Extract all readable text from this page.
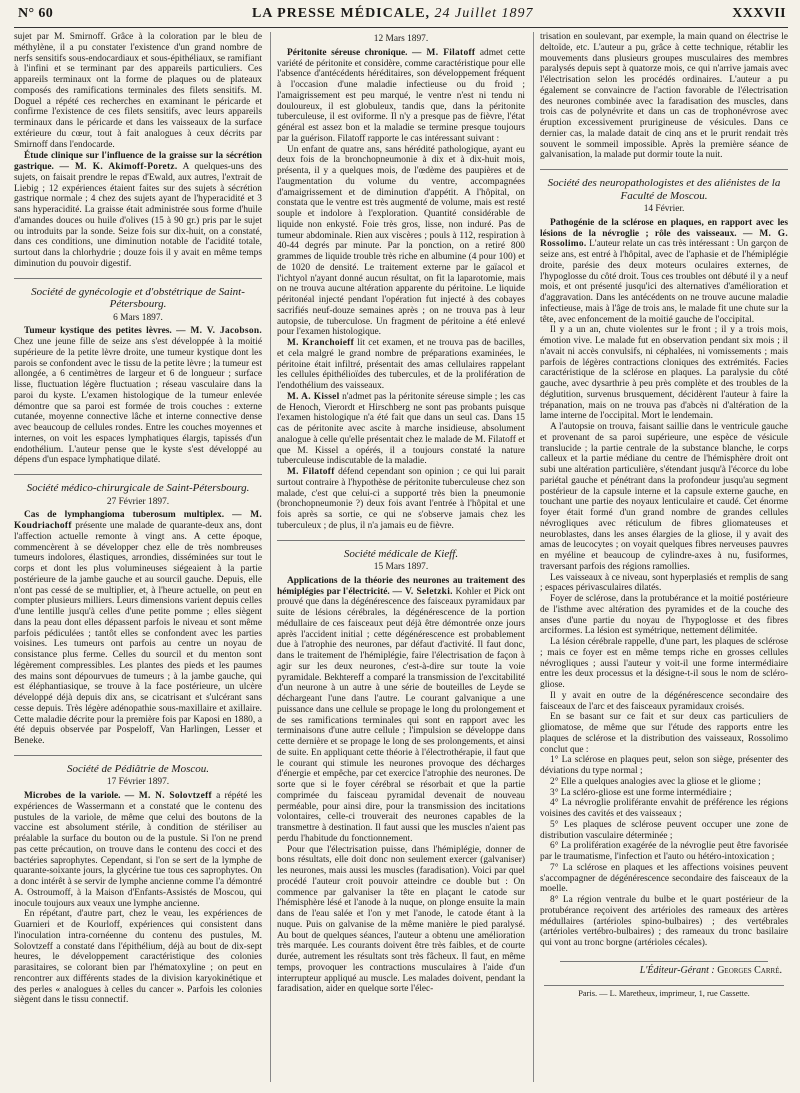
N° 60	LA PRESSE MÉDICALE, 24 Juillet 1897	XXXVII

sujet par M. Smirnoff. Grâce à la coloration par le bleu de méthylène, il a pu constater l'existence d'un grand nombre de nerfs sensitifs sous-endocardiaux et sous-épithéliaux, se ramifiant à l'infini et se terminant par des appareils particuliers. Ces appareils terminaux ont la forme de plaques ou de plateaux composés des ramifications terminales des filets sensitifs. M. Doguel a répété ces recherches en examinant le péricarde et confirme l'existence de ces filets sensitifs, avec leurs appareils terminaux dans le péricarde et dans les vaisseaux de la surface extérieure du cœur, tout à fait analogues à ceux décrits par Smirnoff dans l'endocarde.

Étude clinique sur l'influence de la graisse sur la sécrétion gastrique. — M. K. Akimoff-Poretz. A quelques-uns des sujets, on faisait prendre le repas d'Ewald, aux autres, l'extrait de Liebig ; 12 expériences étaient faites sur des sujets à sécrétion gastrique normale ; 4 chez des sujets ayant de l'hyperacidité et 3 sans hyperacidité. La graisse était administrée sous forme d'huile d'amandes douces ou huile d'olives (15 à 90 gr.) pris par le sujet ou introduits par la sonde. Seize fois sur dix-huit, on a constaté, dans ces conditions, une diminution notable de l'acidité totale, surtout dans la chlorhydrie ; douze fois il y avait en même temps diminution du pouvoir digestif.

Société de gynécologie et d'obstétrique de Saint-Pétersbourg.
6 Mars 1897.

Tumeur kystique des petites lèvres. — M. V. Jacobson. Chez une jeune fille de seize ans s'est développée à la moitié supérieure de la petite lèvre droite, une tumeur kystique dont les parois se confondent avec le tissu de la petite lèvre ; la tumeur est allongée, a 6 centimètres de largeur et 6 de longueur ; surface lisse, fluctuation légère fluctuation ; réseau vasculaire dans la paroi du kyste. L'examen histologique de la tumeur enlevée démontre que sa paroi est formée de trois couches : externe cutanée, moyenne connective lâche et interne connective dense avec beaucoup de cellules rondes. Entre les couches moyennes et internes, on voit les espaces lymphatiques élargis, tapissés d'un endothélium. L'auteur pense que le kyste s'est développé au dépens d'un espace lymphatique dilaté.

Société médico-chirurgicale de Saint-Pétersbourg.
27 Février 1897.

Cas de lymphangioma tuberosum multiplex. — M. Koudriachoff présente une malade de quarante-deux ans, dont l'affection actuelle remonte à vingt ans. A cette époque, commencèrent à se développer chez elle de très nombreuses tumeurs indolores, élastiques, arrondies, disséminées sur tout le corps et dont les plus volumineuses siégeaient à la partie postérieure de la jambe gauche et au sourcil gauche. Depuis, elle n'ont pas cessé de se multiplier, et, à l'heure actuelle, on peut en compter plusieurs milliers. Leurs dimensions varient depuis celles d'une lentille jusqu'à celles d'une petite pomme ; elles siègent dans la peau dont elles dépassent parfois le niveau et sont même parfois pédiculées ; tantôt elles se confondent avec les parties voisines. Les tumeurs ont parfois au centre un noyau de consistance plus ferme. Celles du sourcil et du menton sont légèrement compressibles. Les plantes des pieds et les paumes des mains sont dépourvues de tumeurs ; à la jambe gauche, qui est éléphantiasique, se trouve à la face postérieure, un ulcère développé déjà depuis dix ans, se cicatrisant et s'ulcérant sans cesse depuis. Très légère adénopathie sous-maxillaire et axillaire. Cette maladie décrite pour la première fois par Kaposi en 1880, a été depuis observée par Pospeloff, Van Harlingen, Lesser et Beneke.

Société de Pédiâtrie de Moscou.
17 Février 1897.

Microbes de la variole. — M. N. Solovtzeff a répété les expériences de Wassermann et a constaté que le contenu des pustules de la variole, de même que celui des boutons de la vaccine est absolument stérile, à condition de stériliser au préalable la surface du bouton ou de la pustule. Si l'on ne prend pas cette précaution, on trouve dans le contenu des cocci et des bactéries saprophytes. Cependant, si l'on se sert de la lymphe de quarante-soixante jours, la glycérine tue tous ces saprophytes. On a donc intérêt à se servir de lymphe ancienne comme l'a démontré A. Ostroumoff, à la Maison d'Enfants-Assistés de Moscou, qui inocule toujours aux veaux une lymphe ancienne.

En répétant, d'autre part, chez le veau, les expériences de Guarnieri et de Kourloff, expériences qui consistent dans l'inoculation intra-cornéenne du contenu des pustules, M. Solovtzeff a constaté dans l'épithélium, déjà au bout de dix-sept heures, le développement caractéristique des colonies parasitaires, se colorant bien par l'hématoxyline ; on peut en rencontrer aux différents stades de la division karyokinétique et des perles « analogues à celles du cancer ». Parfois les colonies siègent dans le tissu connectif.

12 Mars 1897.

Péritonite séreuse chronique. — M. Filatoff admet cette variété de péritonite et considère, comme caractéristique pour elle l'absence d'antécédents héréditaires, son développement fréquent à l'occasion d'une maladie infectieuse ou du froid ; l'amaigrissement est peu marqué, le ventre n'est ni tendu ni douloureux, il est globuleux, tandis que, dans la péritonite tuberculeuse, il est oviforme. Il n'y a presque pas de fièvre, l'état général est assez bon et la maladie se termine presque toujours par la guérison. Filatoff rapporte le cas intéressant suivant :

Un enfant de quatre ans, sans hérédité pathologique, ayant eu deux fois de la bronchopneumonie à dix et à dix-huit mois, présenta, il y a quelques mois, de l'œdème des paupières et de l'augmentation du volume du ventre, accompagnées d'amaigrissement et de diminution d'appétit. A l'hôpital, on constata que le ventre est très augmenté de volume, mais est resté souple et indolore à l'exploration. Quantité considérable de liquide non enkysté. Foie très gros, lisse, non induré. Pas de tumeur abdominale. Rien aux viscères ; pouls à 112, respiration à 40-44 degrés par minute. Par la ponction, on a retiré 800 grammes de liquide trouble très riche en albumine (4 pour 100) et de 1020 de densité. Le traitement externe par le gaïacol et l'ichtyol n'ayant donné aucun résultat, on fit la laparotomie, mais on ne trouva aucune altération apparente du péritoine. Le liquide péritonéal injecté pendant l'opération fut injecté à des cobayes sacrifiés neuf-douze semaines après ; on ne trouva pas à leur autopsie, de tuberculose. Un fragment de péritoine a été enlevé pour l'examen histologique.

M. Kranchoieff lit cet examen, et ne trouva pas de bacilles, et cela malgré le grand nombre de préparations examinées, le péritoine était infiltré, présentait des amas cellulaires rappelant les cellules épithélioïdes des tubercules, et de la prolifération de l'endothélium des vaisseaux.

M. A. Kissel n'admet pas la péritonite séreuse simple ; les cas de Henoch, Vierordt et Hirschberg ne sont pas probants puisque l'examen histologique n'a été fait que dans un seul cas. Dans 15 cas de péritonite avec ascite à marche insidieuse, absolument analogue à celle qu'elle présentait chez le malade de M. Filatoff et que M. Kissel a opérés, il a toujours constaté la nature tuberculeuse indiscutable de la maladie.

M. Filatoff défend cependant son opinion ; ce qui lui parait surtout contraire à l'hypothèse de péritonite tuberculeuse chez son malade, c'est que celui-ci a supporté très bien la pneumonie (bronchopneumonie ?) deux fois avant l'entrée à l'hôpital et une fois après sa sortie, ce qui ne s'observe jamais chez les tuberculeux ; de plus, il n'a jamais eu de fièvre.

Société médicale de Kieff.
15 Mars 1897.

Applications de la théorie des neurones au traitement des hémiplégies par l'électricité. — V. Seletzki. Kohler et Pick ont prouvé que dans la dégénérescence des faisceaux pyramidaux par suite de lésions cérébrales, la dégénérescence de la portion médullaire de ces faisceaux peut déjà être démontrée onze jours après l'accident initial ; cette dégénérescence est probablement due à l'atrophie des neurones, par défaut d'activité. Il faut donc, dans le traitement de l'hémiplégie, faire l'électrisation de façon à agir sur les deux neurones, c'est-à-dire sur toute la voie pyramidale. Bekhtereff a comparé la transmission de l'excitabilité d'un neurone à un autre à une série de bouteilles de Leyde se déchargeant l'une dans l'autre. Le courant galvanique a une puissance dans une cellule se propage le long du prolongement et de ses ramifications terminales qui sont en rapport avec les terminaisons d'une autre cellule ; l'impulsion se développe dans cette dernière et se propage le long de ses prolongements, et ainsi de suite. En appliquant cette théorie à l'électrothérapie, il faut que le courant qui stimule les neurones provoque des décharges d'énergie et empêche, par cet exercice l'atrophie des neurones. De sorte que si le foyer cérébral se résorbait et que la partie comprimée du faisceau pyramidal devenait de nouveau perméable, pour ainsi dire, pour la transmission des incitations volontaires, celle-ci trouverait des neurones capables de la transmettre à destination. Il faut aussi que les muscles n'aient pas perdu l'habitude du fonctionnement.

Pour que l'électrisation puisse, dans l'hémiplégie, donner de bons résultats, elle doit donc non seulement exercer (galvaniser) les neurones, mais aussi les muscles (faradisation). Voici par quel procédé l'auteur croit pouvoir atteindre ce double but : On commence par galvaniser la tête en plaçant le catode sur l'hémisphère lésé et l'anode à la nuque, on plonge ensuite la main dans de l'eau salée et l'on y met l'anode, le catode étant à la nuque. Puis on galvanise de la même manière le pied paralysé. Au bout de quelques séances, l'auteur a obtenu une amélioration très marquée. Les courants doivent être très faibles, et de courte durée, autrement les résultats sont très fâcheux. Il faut, en même temps, provoquer les contractions musculaires à l'aide d'un interrupteur appliqué au muscle. Les malades doivent, pendant la faradisation, aider en quelque sorte l'élec-

trisation en soulevant, par exemple, la main quand on électrise le deltoïde, etc. L'auteur a pu, grâce à cette technique, rétablir les mouvements dans plusieurs groupes musculaires des membres paralysés depuis sept à quatorze mois, ce qui n'arrive jamais avec l'électrisation selon les procédés ordinaires. L'auteur a pu également se convaincre de l'action favorable de l'électrisation des neurones combinée avec la faradisation des muscles, dans trois cas de polynévrite et dans un cas de trophonévrose avec éruption excessivement prurigineuse de vésicules. Dans ce dernier cas, la malade datait de cinq ans et le prurit rendait très souvent le sommeil impossible. Après la première séance de galvanisation, la malade put dormir toute la nuit.

Société des neuropathologistes et des aliénistes de la Faculté de Moscou.
14 Février.

Pathogénie de la sclérose en plaques, en rapport avec les lésions de la névroglie ; rôle des vaisseaux. — M. G. Rossolimo. L'auteur relate un cas très intéressant : Un garçon de seize ans, est entré à l'hôpital, avec de l'aphasie et de l'hémiplégie droite, parésie des deux moteurs oculaires externes, de l'hypoglosse du côté droit. Tous ces troubles ont débuté il y a neuf mois, et ont présenté jusqu'ici des alternatives d'amélioration et d'aggravation. Dans les antécédents on ne trouve aucune maladie infectieuse, mais à l'âge de trois ans, le malade fit une chute sur la tête, avec enfoncement de la moitié gauche de l'occipital.

Il y a un an, chute violentes sur le front ; il y a trois mois, émotion vive. Le malade fut en observation pendant six mois ; il n'avait ni accès convulsifs, ni céphalées, ni vomissements ; mais parfois de légères contractions cloniques des extrémités. Facies caractéristique de la sclérose en plaques. La paralysie du côté gauche, avec dysarthrie à peu près complète et des troubles de la déglutition, survenus brusquement, décidèrent l'auteur à faire la trépanation, mais on ne trouva pas d'abcès ni d'altération de la lame interne de l'occipital. Mort le lendemain.

A l'autopsie on trouva, faisant saillie dans le ventricule gauche et provenant de sa paroi supérieure, une espèce de vésicule translucide ; la partie centrale de la substance blanche, le corps calleux et la partie médiane du centre de l'hémisphère droit ont subi une altération particulière, s'étendant jusqu'à l'écorce du lobe pariétal gauche et pénétrant dans la profondeur jusqu'au segment postérieur de la capsule interne et la capsule externe gauche, en touchant une partie des noyaux lenticulaire et caudé. Cet énorme foyer était formé d'un grand nombre de grandes cellules névrogliques avec réticulum de fibres gliomateuses et neuroblastes, dans les anses élargies de la gliose, il y avait des amas de leucocytes ; on voyait quelques fibres nerveuses pauvres en myéline et beaucoup de cylindre-axes à nu, fusiformes, traversant parfois des régions ramollies.

Les vaisseaux à ce niveau, sont hyperplasiés et remplis de sang ; espaces périvasculaires dilatés.

Foyer de sclérose, dans la protubérance et la moitié postérieure de l'isthme avec altération des pyramides et de la couche des anses d'une partie du noyau de l'hypoglosse et des fibres arciformes. La lésion est symétrique, nettement délimitée.

La lésion cérébrale rappelle, d'une part, les plaques de sclérose ; mais ce foyer est en même temps riche en grosses cellules névrogliques ; aussi l'auteur y voit-il une forme intermédiaire entre les deux processus et la désigne-t-il sous le nom de scléro-gliose.

Il y avait en outre de la dégénérescence secondaire des faisceaux de l'arc et des faisceaux pyramidaux croisés.

En se basant sur ce fait et sur deux cas particuliers de gliomatose, de même que sur l'étude des rapports entre les plaques de sclérose et la distribution des vaisseaux, Rossolimo conclut que :

1° La sclérose en plaques peut, selon son siège, présenter des déviations du type normal ;

2° Elle a quelques analogies avec la gliose et le gliome ;

3° La scléro-gliose est une forme intermédiaire ;

4° La névroglie proliférante envahit de préférence les régions voisines des cavités et des vaisseaux ;

5° Les plaques de sclérose peuvent occuper une zone de distribution vasculaire déterminée ;

6° La prolifération exagérée de la névroglie peut être favorisée par le traumatisme, l'infection et l'auto ou hétéro-intoxication ;

7° La sclérose en plaques et les affections voisines peuvent s'accompagner de dégénérescence secondaire des faisceaux de la moelle.

8° La région ventrale du bulbe et le quart postérieur de la protubérance reçoivent des artérioles des rameaux des artères médullaires (artérioles spino-bulbaires) ; des vertébrales (artérioles vertébro-bulbaires) ; des rameaux du tronc basilaire qui vont au tronc borgne (artérioles cécales).

L'Éditeur-Gérant : Georges Carré.
Paris. — L. Maretheux, imprimeur, 1, rue Cassette.
